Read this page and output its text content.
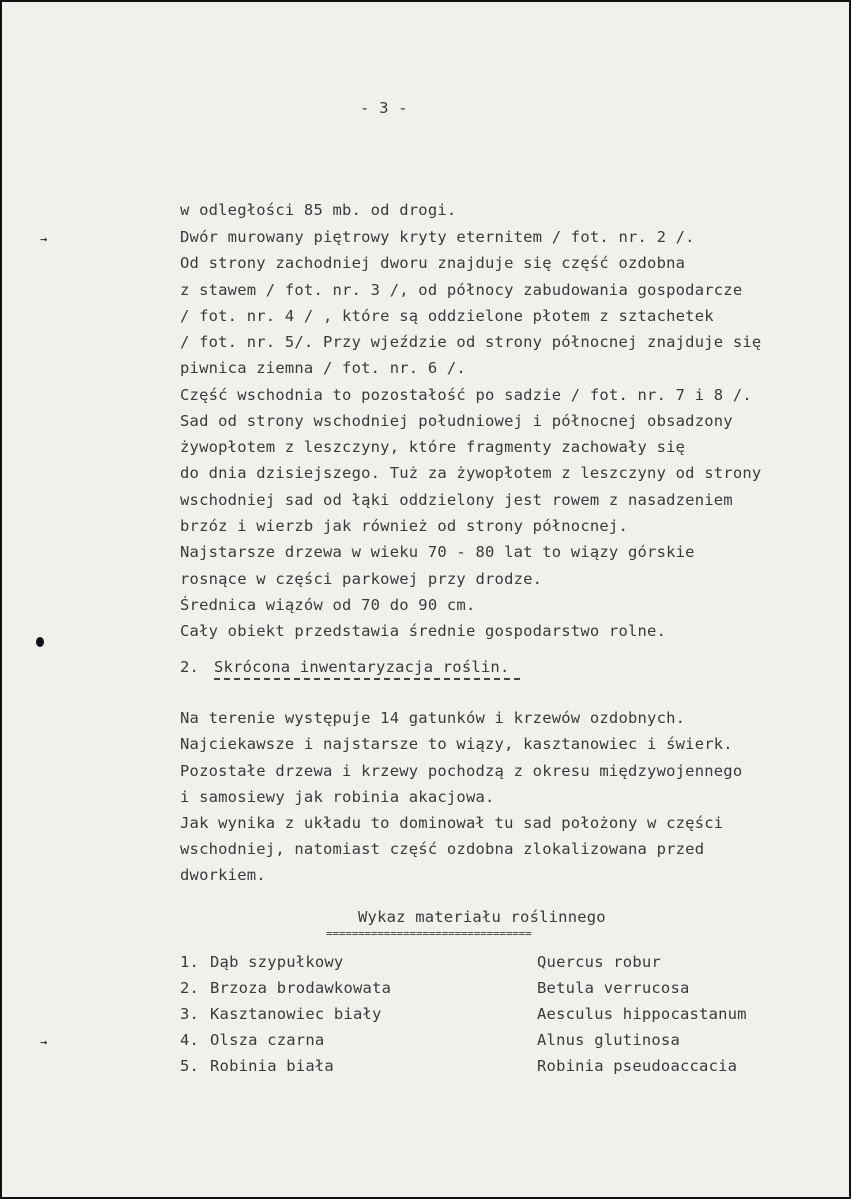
- 3 -
w odległości 85 mb. od drogi.
Dwór murowany piętrowy kryty eternitem / fot. nr. 2 /.
Od strony zachodniej dworu znajduje się część ozdobna
z stawem / fot. nr. 3 /, od północy zabudowania gospodarcze
/ fot. nr. 4 / , które są oddzielone płotem z sztachetek
/ fot. nr. 5/. Przy wjeździe od strony północnej znajduje się
piwnica ziemna / fot. nr. 6 /.
Część wschodnia to pozostałość po sadzie / fot. nr. 7 i 8 /.
Sad od strony wschodniej południowej i północnej obsadzony
żywopłotem z leszczyny, które fragmenty zachowały się
do dnia dzisiejszego. Tuż za żywopłotem z leszczyny od strony
wschodniej sad od łąki oddzielony jest rowem z nasadzeniem
brzóz i wierzb jak również od strony północnej.
Najstarsze drzewa w wieku 70 - 80 lat to wiązy górskie
rosnące w części parkowej przy drodze.
Średnica wiązów od 70 do 90 cm.
Cały obiekt przedstawia średnie gospodarstwo rolne.
2. Skrócona inwentaryzacja roślin.
Na terenie występuje 14 gatunków i krzewów ozdobnych.
Najciekawsze i najstarsze to wiązy, kasztanowiec i świerk.
Pozostałe drzewa i krzewy pochodzą z okresu międzywojennego
i samosiewy jak robinia akacjowa.
Jak wynika z układu to dominował tu sad położony w części
wschodniej, natomiast część ozdobna zlokalizowana przed
dworkiem.
Wykaz materiału roślinnego
================================
1. Dąb szypułkowy	Quercus robur
2. Brzoza brodawkowata	Betula verrucosa
3. Kasztanowiec biały	Aesculus hippocastanum
4. Olsza czarna	Alnus glutinosa
5. Robinia biała	Robinia pseudoaccacia
→
→
